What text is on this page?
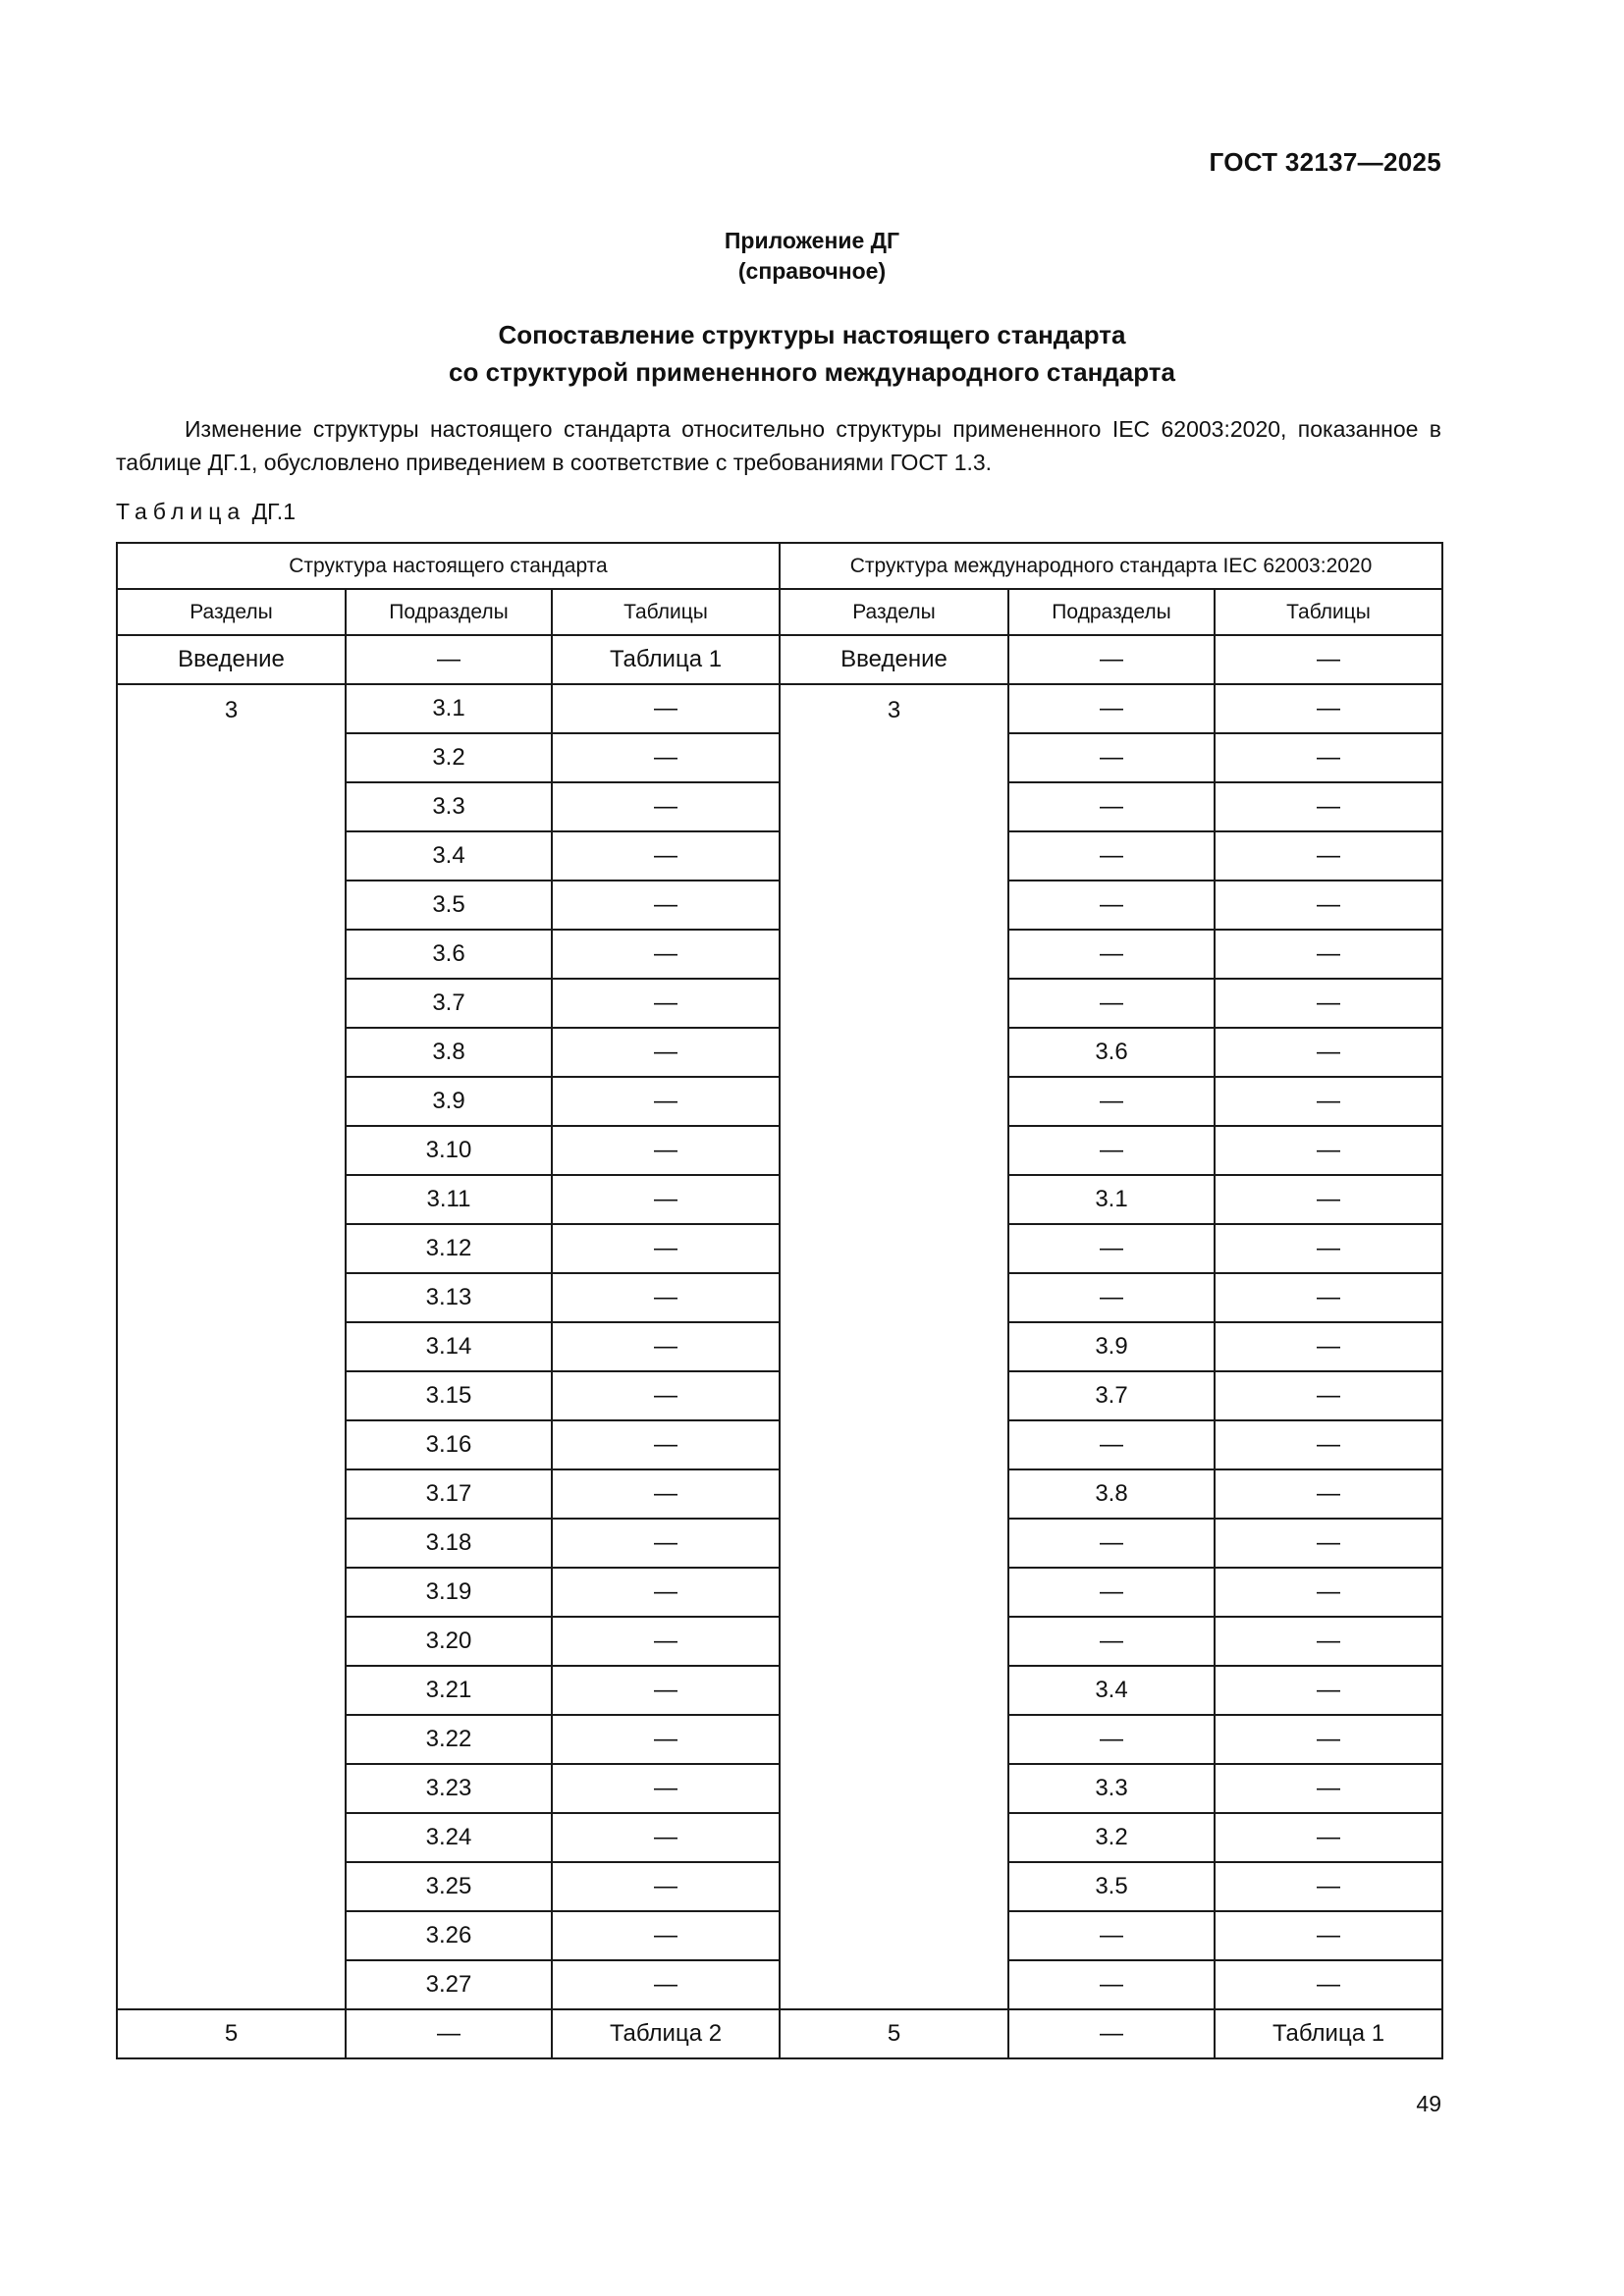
ГОСТ 32137—2025
Приложение ДГ
(справочное)
Сопоставление структуры настоящего стандарта
со структурой примененного международного стандарта

Изменение структуры настоящего стандарта относительно структуры примененного IEC 62003:2020, показанное в таблице ДГ.1, обусловлено приведением в соответствие с требованиями ГОСТ 1.3.

Таблица ДГ.1
Структура настоящего стандарта			Структура международного стандарта IEC 62003:2020		
Разделы	Подразделы	Таблицы	Разделы	Подразделы	Таблицы
Введение	—	Таблица 1	Введение	—	—
3	3.1	—	3	—	—
	3.2	—		—	—
	3.3	—		—	—
	3.4	—		—	—
	3.5	—		—	—
	3.6	—		—	—
	3.7	—		—	—
	3.8	—		3.6	—
	3.9	—		—	—
	3.10	—		—	—
	3.11	—		3.1	—
	3.12	—		—	—
	3.13	—		—	—
	3.14	—		3.9	—
	3.15	—		3.7	—
	3.16	—		—	—
	3.17	—		3.8	—
	3.18	—		—	—
	3.19	—		—	—
	3.20	—		—	—
	3.21	—		3.4	—
	3.22	—		—	—
	3.23	—		3.3	—
	3.24	—		3.2	—
	3.25	—		3.5	—
	3.26	—		—	—
	3.27	—		—	—
5	—	Таблица 2	5	—	Таблица 1
49
